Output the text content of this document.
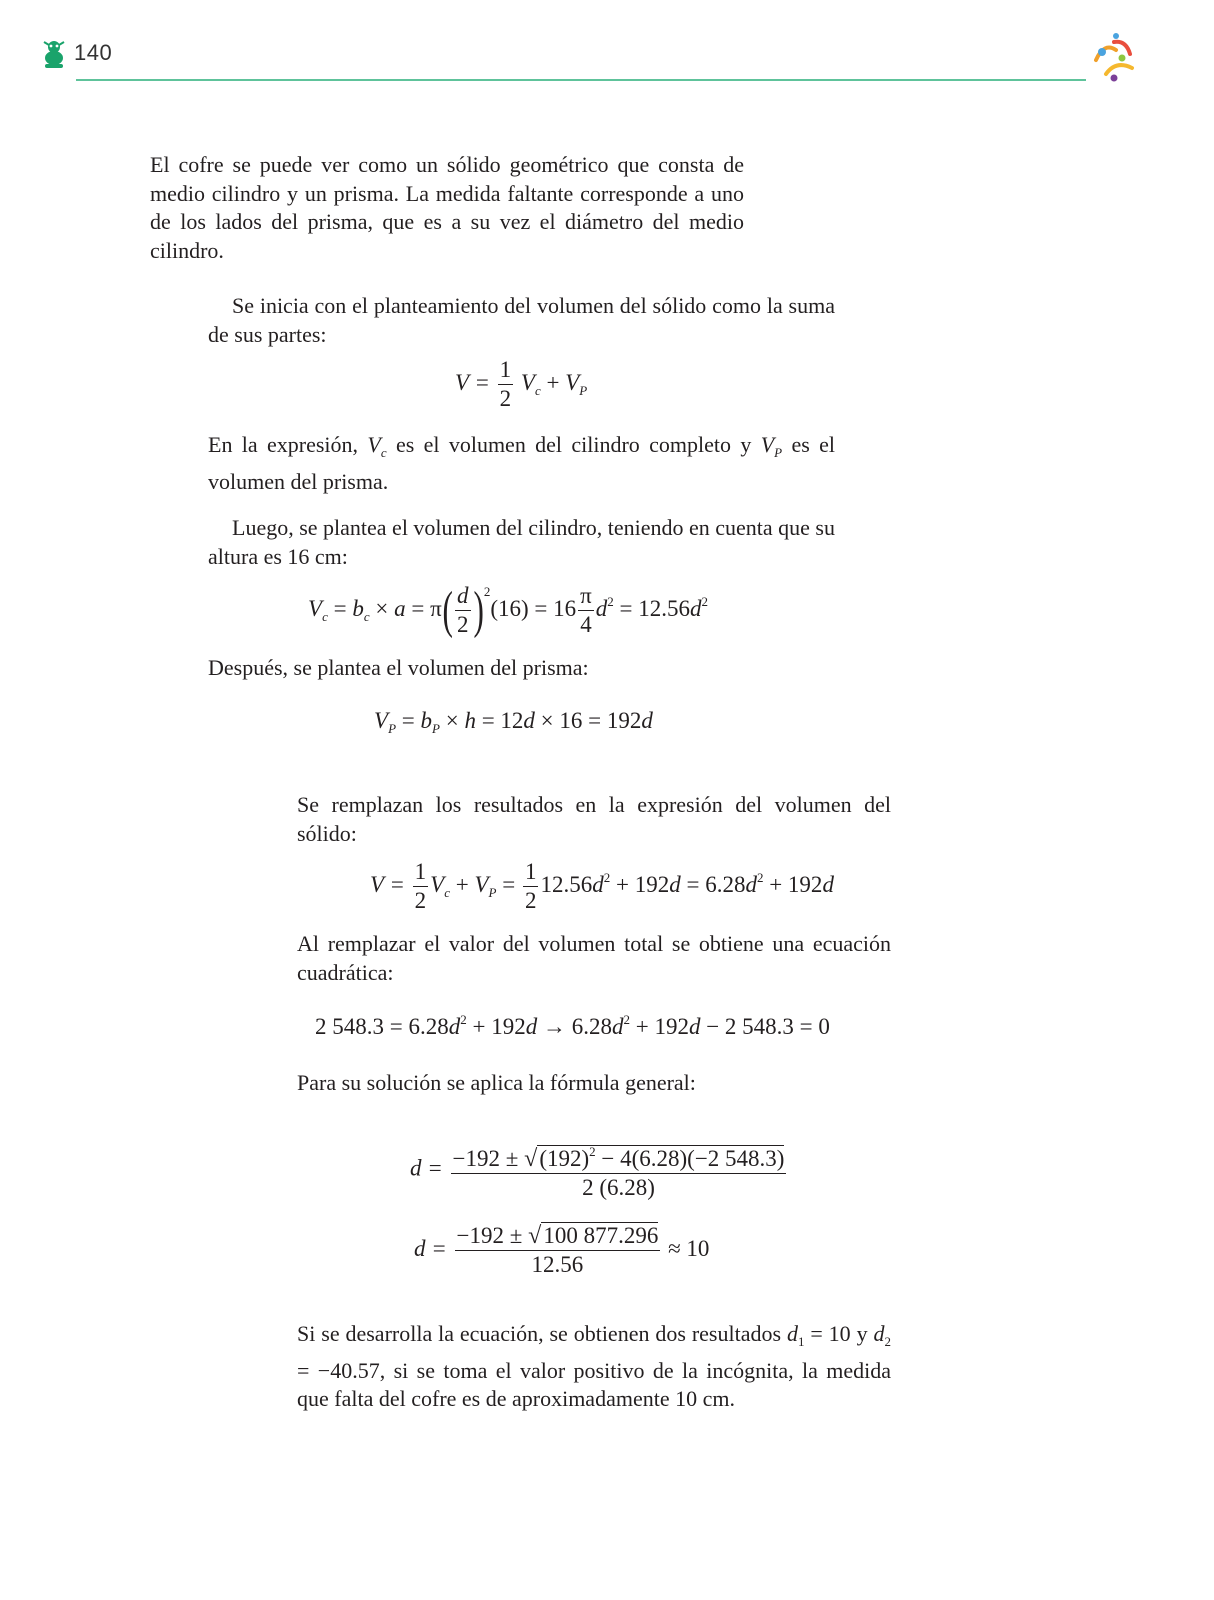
140
El cofre se puede ver como un sólido geométrico que consta de medio cilindro y un prisma. La medida faltante corresponde a uno de los lados del prisma, que es a su vez el diámetro del medio cilindro.
Se inicia con el planteamiento del volumen del sólido como la suma de sus partes:
$V = \frac{1}{2} V_c + V_P$
En la expresión, $V_c$ es el volumen del cilindro completo y $V_P$ es el volumen del prisma.
Luego, se plantea el volumen del cilindro, teniendo en cuenta que su altura es 16 cm:
$V_c = b_c \times a = \pi( \frac{d}{2} )^2(16) = 16 \frac{\pi}{4} d^2 = 12.56d^2$
Después, se plantea el volumen del prisma:
$V_P = b_P \times h = 12d \times 16 = 192d$
Se remplazan los resultados en la expresión del volumen del sólido:
$V = \frac{1}{2} V_c + V_P = \frac{1}{2} 12.56d^2 + 192d = 6.28d^2 + 192d$
Al remplazar el valor del volumen total se obtiene una ecuación cuadrática:
2 $548.3 = 6.28d^2 + 192d \to 6.28d^2 + 192d - 2$ 548.3 = 0
Para su solución se aplica la fórmula general:
$d = \frac{-192 \pm √(192)^2 - 4(6.28)(-2 548.3)}{2 (6.28)}$
$d = \frac{-192 \pm √100 877.296}{12.56} \approx 10$
Si se desarrolla la ecuación, se obtienen dos resultados $d_1 = 10$ y $d_2 = -40.57$, si se toma el valor positivo de la incógnita, la medida que falta del cofre es de aproximadamente 10 cm.
